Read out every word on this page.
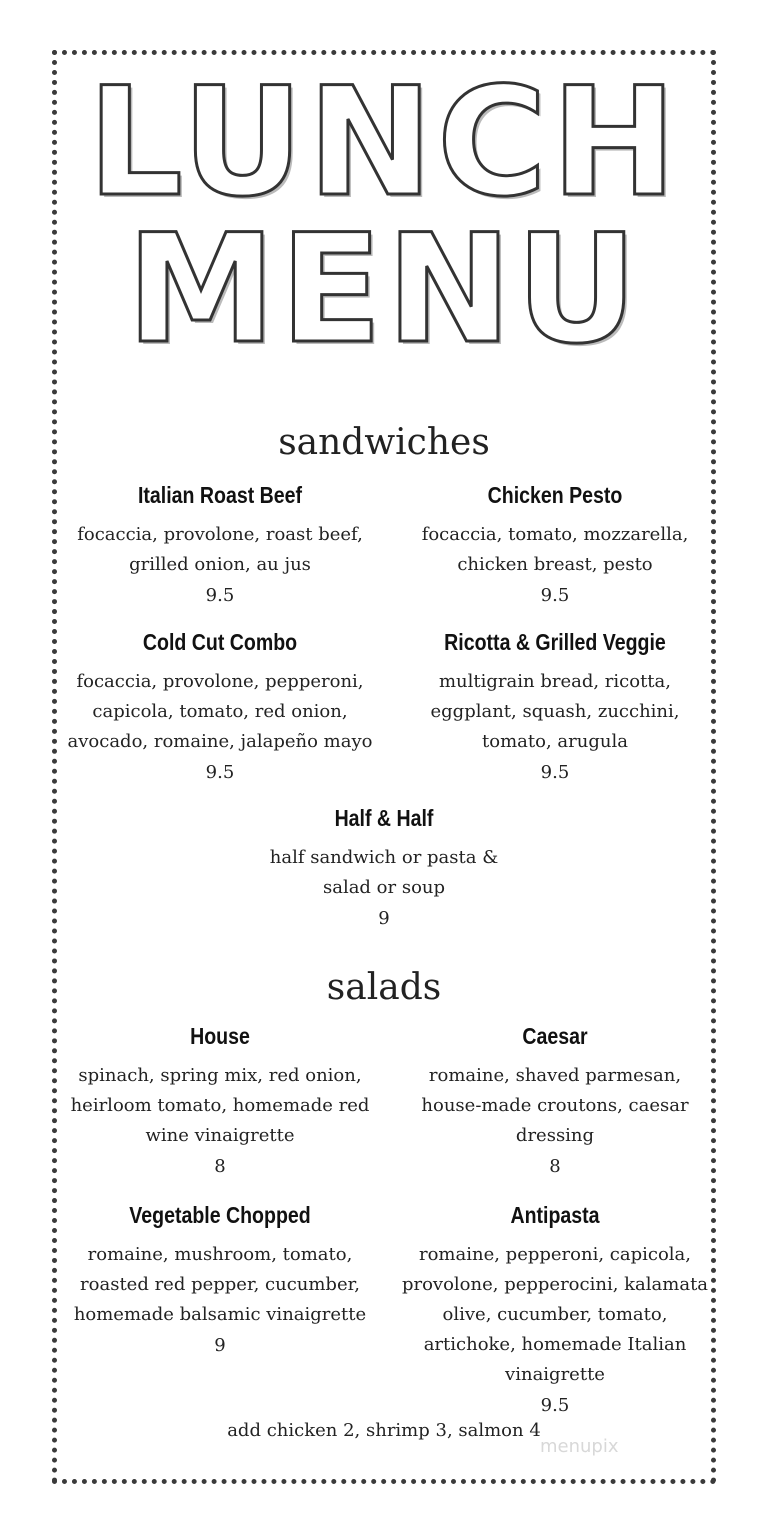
LUNCH
MENU
sandwiches
Italian Roast Beef
focaccia, provolone, roast beef, grilled onion, au jus
9.5
Chicken Pesto
focaccia, tomato, mozzarella, chicken breast, pesto
9.5
Cold Cut Combo
focaccia, provolone, pepperoni, capicola, tomato, red onion, avocado, romaine, jalapeño mayo
9.5
Ricotta & Grilled Veggie
multigrain bread, ricotta, eggplant, squash, zucchini, tomato, arugula
9.5
Half & Half
half sandwich or pasta & salad or soup
9
salads
House
spinach, spring mix, red onion, heirloom tomato, homemade red wine vinaigrette
8
Caesar
romaine, shaved parmesan, house-made croutons, caesar dressing
8
Vegetable Chopped
romaine, mushroom, tomato, roasted red pepper, cucumber, homemade balsamic vinaigrette
9
Antipasta
romaine, pepperoni, capicola, provolone, pepperocini, kalamata olive, cucumber, tomato, artichoke, homemade Italian vinaigrette
9.5
add chicken 2, shrimp 3, salmon 4
menupix
